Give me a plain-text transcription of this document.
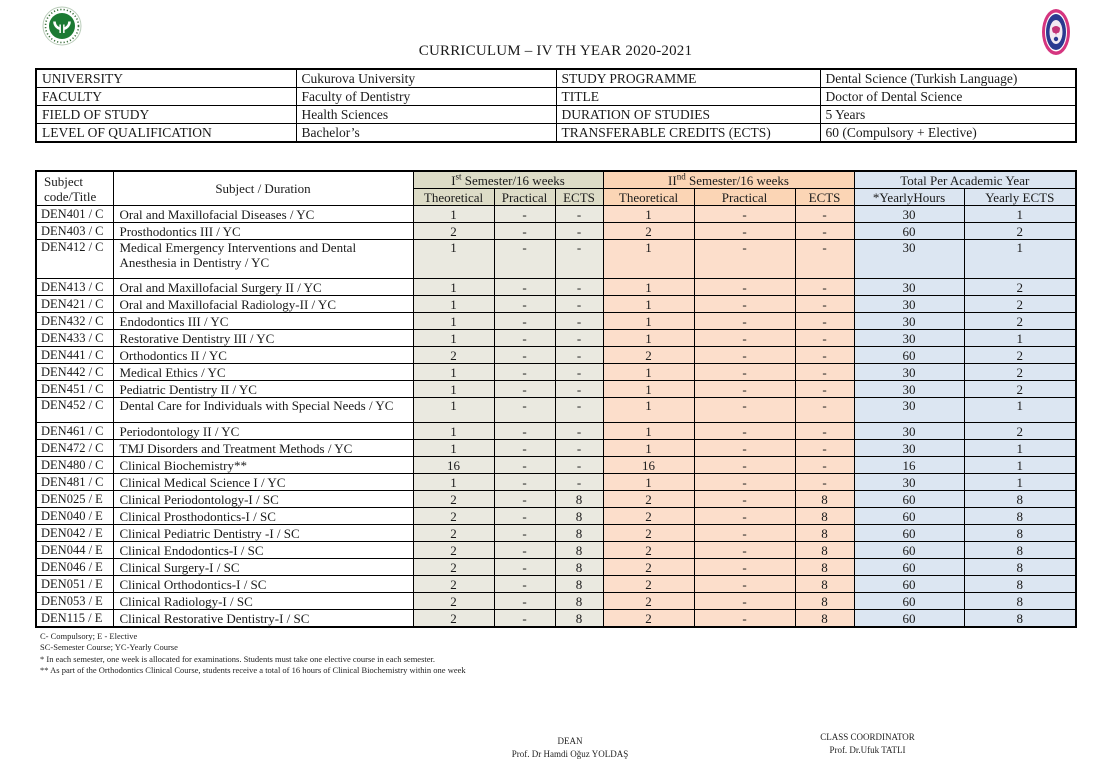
CURRICULUM – IV TH YEAR 2020-2021
UNIVERSITY	Cukurova University	STUDY PROGRAMME	Dental Science (Turkish Language)
FACULTY	Faculty of Dentistry	TITLE	Doctor of Dental Science
FIELD OF STUDY	Health Sciences	DURATION OF STUDIES	5 Years
LEVEL OF QUALIFICATION	Bachelor’s	TRANSFERABLE CREDITS (ECTS)	60 (Compulsory + Elective)
Subject
code/Title	Subject / Duration	Ist Semester/16 weeks			IInd Semester/16 weeks			Total Per Academic Year	
		Theoretical	Practical	ECTS	Theoretical	Practical	ECTS	*YearlyHours	Yearly ECTS
DEN401 / C	Oral and Maxillofacial Diseases / YC	1	-	-	1	-	-	30	1
DEN403 / C	Prosthodontics III / YC	2	-	-	2	-	-	60	2
DEN412 / C	Medical Emergency Interventions and Dental Anesthesia in Dentistry / YC	1	-	-	1	-	-	30	1
DEN413 / C	Oral and Maxillofacial Surgery II / YC	1	-	-	1	-	-	30	2
DEN421 / C	Oral and Maxillofacial Radiology-II / YC	1	-	-	1	-	-	30	2
DEN432 / C	Endodontics III / YC	1	-	-	1	-	-	30	2
DEN433 / C	Restorative Dentistry III / YC	1	-	-	1	-	-	30	1
DEN441 / C	Orthodontics II / YC	2	-	-	2	-	-	60	2
DEN442 / C	Medical Ethics / YC	1	-	-	1	-	-	30	2
DEN451 / C	Pediatric Dentistry II / YC	1	-	-	1	-	-	30	2
DEN452 / C	Dental Care for Individuals with Special Needs / YC	1	-	-	1	-	-	30	1
DEN461 / C	Periodontology II / YC	1	-	-	1	-	-	30	2
DEN472 / C	TMJ Disorders and Treatment Methods / YC	1	-	-	1	-	-	30	1
DEN480 / C	Clinical Biochemistry**	16	-	-	16	-	-	16	1
DEN481 / C	Clinical Medical Science I / YC	1	-	-	1	-	-	30	1
DEN025 / E	Clinical Periodontology-I / SC	2	-	8	2	-	8	60	8
DEN040 / E	Clinical Prosthodontics-I / SC	2	-	8	2	-	8	60	8
DEN042 / E	Clinical Pediatric Dentistry -I / SC	2	-	8	2	-	8	60	8
DEN044 / E	Clinical Endodontics-I / SC	2	-	8	2	-	8	60	8
DEN046 / E	Clinical Surgery-I / SC	2	-	8	2	-	8	60	8
DEN051 / E	Clinical Orthodontics-I / SC	2	-	8	2	-	8	60	8
DEN053 / E	Clinical Radiology-I / SC	2	-	8	2	-	8	60	8
DEN115 / E	Clinical Restorative Dentistry-I / SC	2	-	8	2	-	8	60	8
C- Compulsory; E - Elective
SC-Semester Course; YC-Yearly Course
* In each semester, one week is allocated for examinations. Students must take one elective course in each semester.
** As part of the Orthodontics Clinical Course, students receive a total of 16 hours of Clinical Biochemistry within one week
DEAN
Prof. Dr Hamdi Oğuz YOLDAŞ
CLASS COORDINATOR
Prof. Dr.Ufuk TATLI
